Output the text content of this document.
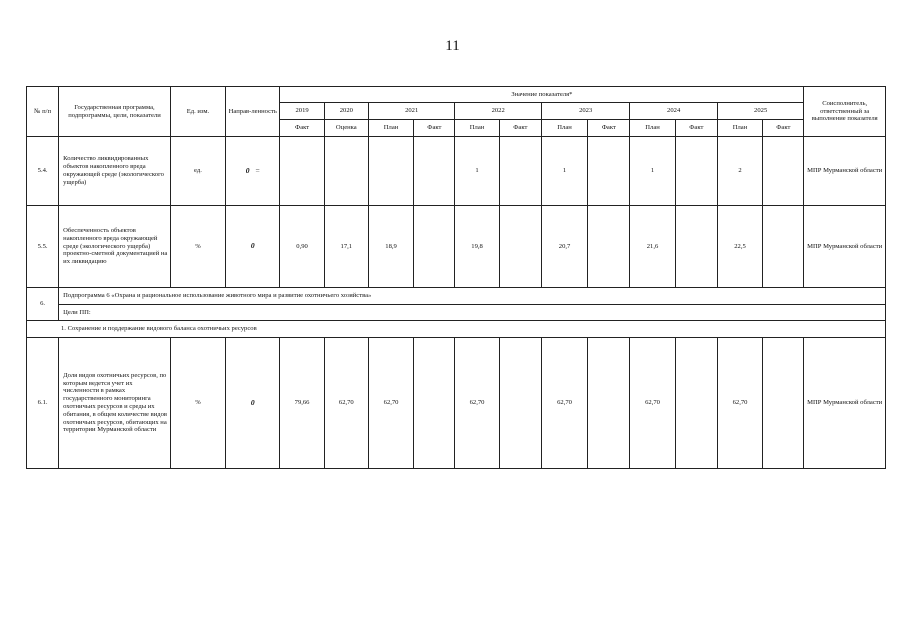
11
№ п/п	Государственная программа, подпрограммы, цели, показатели	Ед. изм.	Направ-ленность	Значение показателя*												Соисполнитель, ответственный за выполнение показателя
				2019	2020	2021		2022		2023		2024		2025		
				Факт	Оценка	План	Факт	План	Факт	План	Факт	План	Факт	План	Факт	
5.4.	Количество ликвидированных объектов накопленного вреда окружающей среде (экологического ущерба)	ед.	0 =					1		1		1		2		МПР Мурманской области
5.5.	Обеспеченность объектов накопленного вреда окружающей среде (экологического ущерба) проектно-сметной документацией на их ликвидацию	%	0	0,90	17,1	18,9		19,8		20,7		21,6		22,5		МПР Мурманской области
6.	Подпрограмма 6 «Охрана и рациональное использование животного мира и развитие охотничьего хозяйства»															
	Цели ПП:															
1. Сохранение и поддержание видового баланса охотничьих ресурсов																
6.1.	Доля видов охотничьих ресурсов, по которым ведется учет их численности в рамках государственного мониторинга охотничьих ресурсов и среды их обитания, в общем количестве видов охотничьих ресурсов, обитающих на территории Мурманской области	%	0	79,66	62,70	62,70		62,70		62,70		62,70		62,70		МПР Мурманской области
